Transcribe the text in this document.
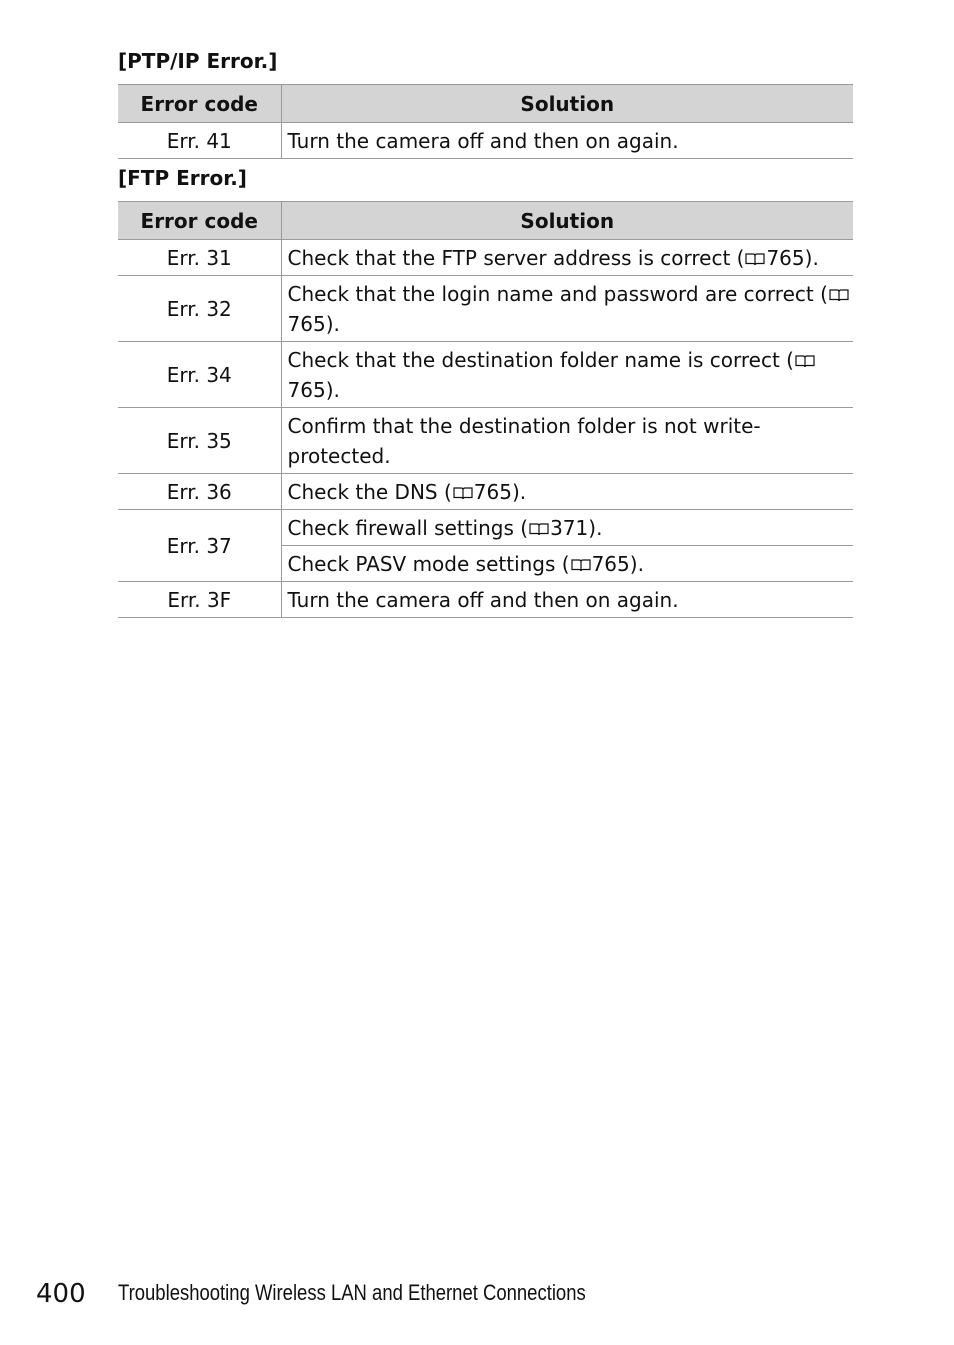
[PTP/IP Error.]
Error code	Solution
Err. 41	Turn the camera off and then on again.
[FTP Error.]
Error code	Solution
Err. 31	Check that the FTP server address is correct ( 765).
Err. 32	Check that the login name and password are correct (765).
Err. 34	Check that the destination folder name is correct (765).
Err. 35	Confirm that the destination folder is not write-protected.
Err. 36	Check the DNS ( 765).
Err. 37	Check firewall settings ( 371).
	Check PASV mode settings ( 765).
Err. 3F	Turn the camera off and then on again.
400 Troubleshooting Wireless LAN and Ethernet Connections
